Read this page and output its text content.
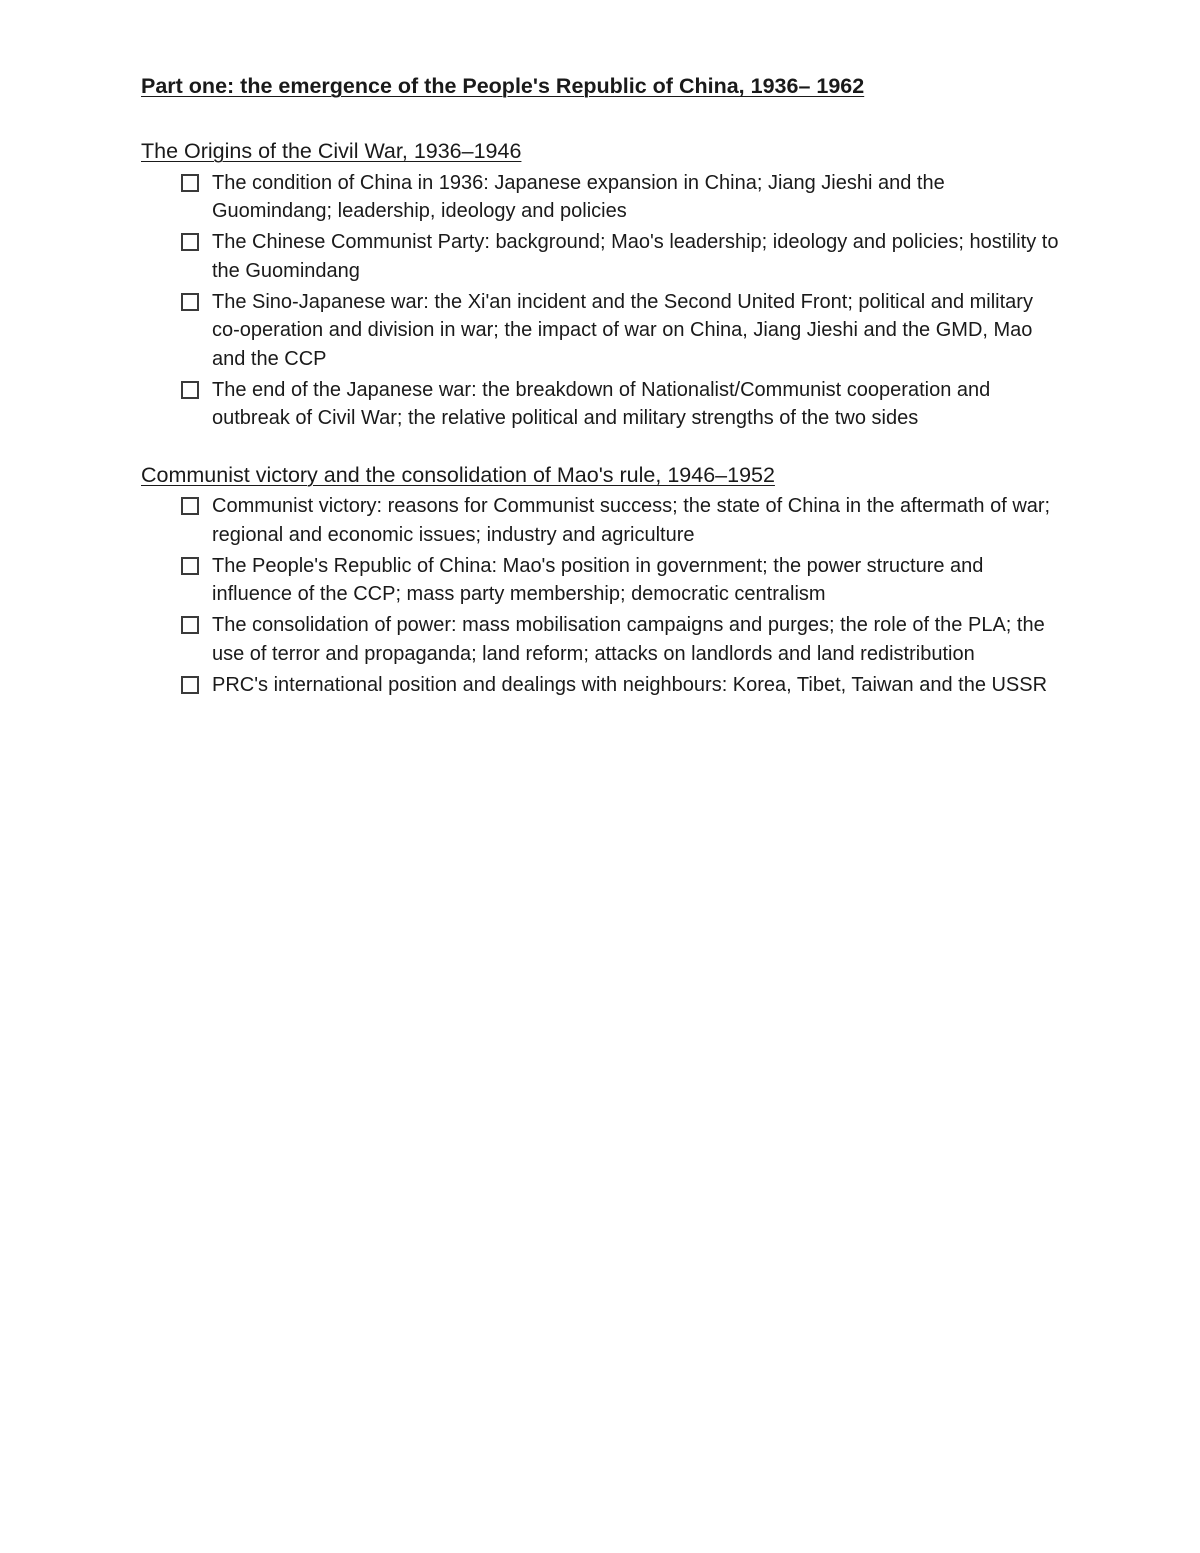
Part one: the emergence of the People's Republic of China, 1936– 1962
The Origins of the Civil War, 1936–1946
The condition of China in 1936: Japanese expansion in China; Jiang Jieshi and the Guomindang; leadership, ideology and policies
The Chinese Communist Party: background; Mao's leadership; ideology and policies; hostility to the Guomindang
The Sino-Japanese war: the Xi'an incident and the Second United Front; political and military co-operation and division in war; the impact of war on China, Jiang Jieshi and the GMD, Mao and the CCP
The end of the Japanese war: the breakdown of Nationalist/Communist cooperation and outbreak of Civil War; the relative political and military strengths of the two sides
Communist victory and the consolidation of Mao's rule, 1946–1952
Communist victory: reasons for Communist success; the state of China in the aftermath of war; regional and economic issues; industry and agriculture
The People's Republic of China: Mao's position in government; the power structure and influence of the CCP; mass party membership; democratic centralism
The consolidation of power: mass mobilisation campaigns and purges; the role of the PLA; the use of terror and propaganda; land reform; attacks on landlords and land redistribution
PRC's international position and dealings with neighbours: Korea, Tibet, Taiwan and the USSR
